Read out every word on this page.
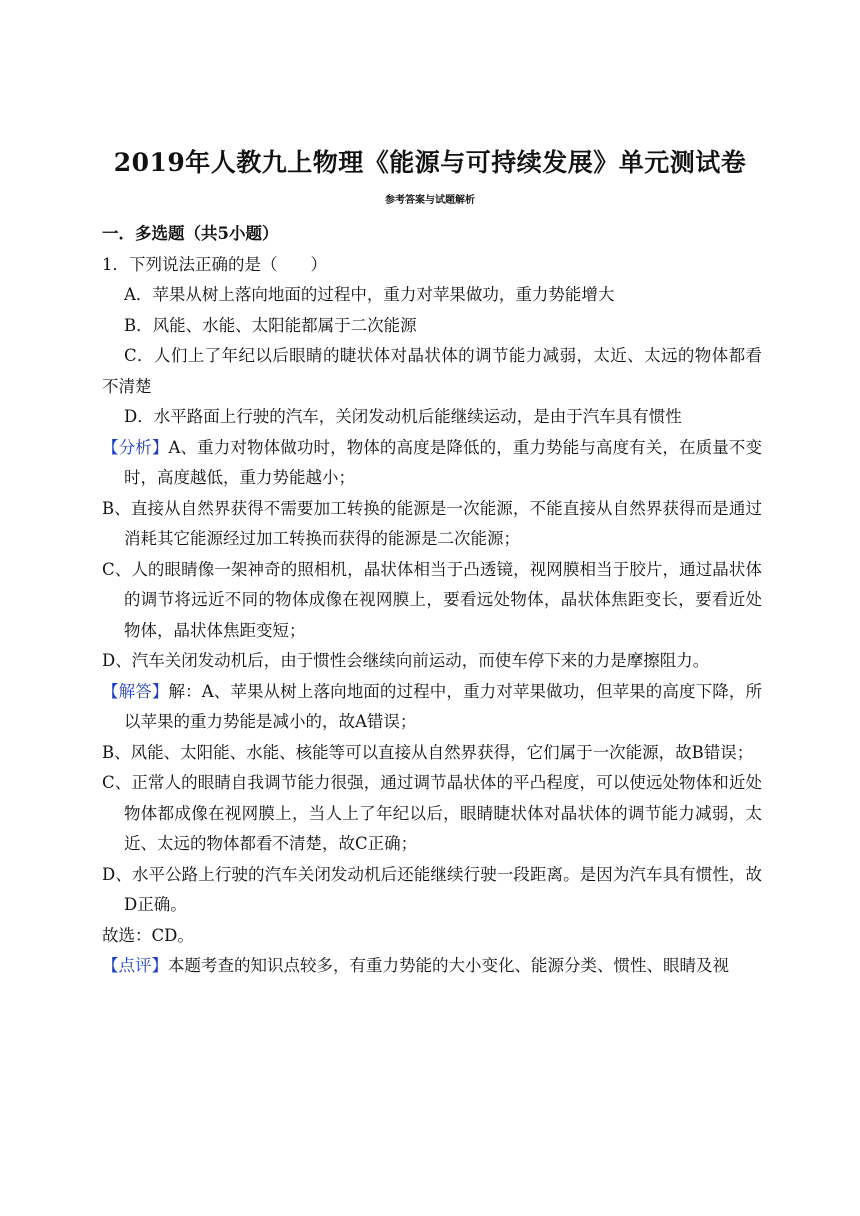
2019年人教九上物理《能源与可持续发展》单元测试卷
参考答案与试题解析

一．多选题（共5小题）

1．下列说法正确的是（　　）

A．苹果从树上落向地面的过程中，重力对苹果做功，重力势能增大

B．风能、水能、太阳能都属于二次能源

C．人们上了年纪以后眼睛的睫状体对晶状体的调节能力减弱，太近、太远的物体都看不清楚

D．水平路面上行驶的汽车，关闭发动机后能继续运动，是由于汽车具有惯性

【分析】A、重力对物体做功时，物体的高度是降低的，重力势能与高度有关，在质量不变时，高度越低，重力势能越小；

B、直接从自然界获得不需要加工转换的能源是一次能源，不能直接从自然界获得而是通过消耗其它能源经过加工转换而获得的能源是二次能源；

C、人的眼睛像一架神奇的照相机，晶状体相当于凸透镜，视网膜相当于胶片，通过晶状体的调节将远近不同的物体成像在视网膜上，要看远处物体，晶状体焦距变长，要看近处物体，晶状体焦距变短；

D、汽车关闭发动机后，由于惯性会继续向前运动，而使车停下来的力是摩擦阻力。

【解答】解：A、苹果从树上落向地面的过程中，重力对苹果做功，但苹果的高度下降，所以苹果的重力势能是减小的，故A错误；

B、风能、太阳能、水能、核能等可以直接从自然界获得，它们属于一次能源，故B错误；

C、正常人的眼睛自我调节能力很强，通过调节晶状体的平凸程度，可以使远处物体和近处物体都成像在视网膜上，当人上了年纪以后，眼睛睫状体对晶状体的调节能力减弱，太近、太远的物体都看不清楚，故C正确；

D、水平公路上行驶的汽车关闭发动机后还能继续行驶一段距离。是因为汽车具有惯性，故D正确。

故选：CD。

【点评】本题考查的知识点较多，有重力势能的大小变化、能源分类、惯性、眼睛及视
